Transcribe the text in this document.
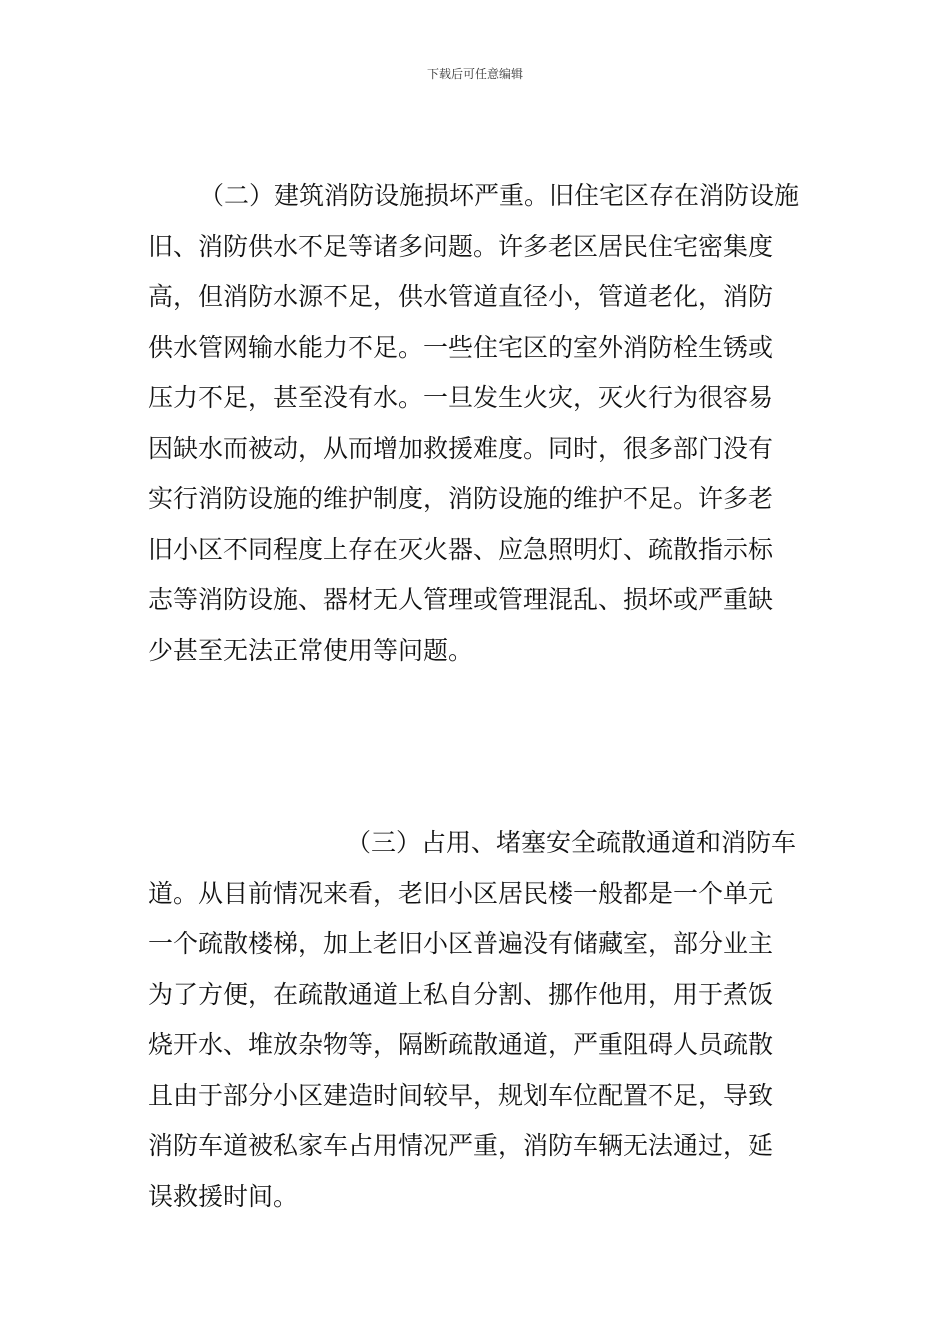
下载后可任意编辑
（二）建筑消防设施损坏严重。旧住宅区存在消防设施
旧、消防供水不足等诸多问题。许多老区居民住宅密集度
高，但消防水源不足，供水管道直径小，管道老化，消防
供水管网输水能力不足。一些住宅区的室外消防栓生锈或
压力不足，甚至没有水。一旦发生火灾，灭火行为很容易
因缺水而被动，从而增加救援难度。同时，很多部门没有
实行消防设施的维护制度，消防设施的维护不足。许多老
旧小区不同程度上存在灭火器、应急照明灯、疏散指示标
志等消防设施、器材无人管理或管理混乱、损坏或严重缺
少甚至无法正常使用等问题。
（三）占用、堵塞安全疏散通道和消防车
道。从目前情况来看，老旧小区居民楼一般都是一个单元
一个疏散楼梯，加上老旧小区普遍没有储藏室，部分业主
为了方便，在疏散通道上私自分割、挪作他用，用于煮饭
烧开水、堆放杂物等，隔断疏散通道，严重阻碍人员疏散
且由于部分小区建造时间较早，规划车位配置不足，导致
消防车道被私家车占用情况严重，消防车辆无法通过，延
误救援时间。
